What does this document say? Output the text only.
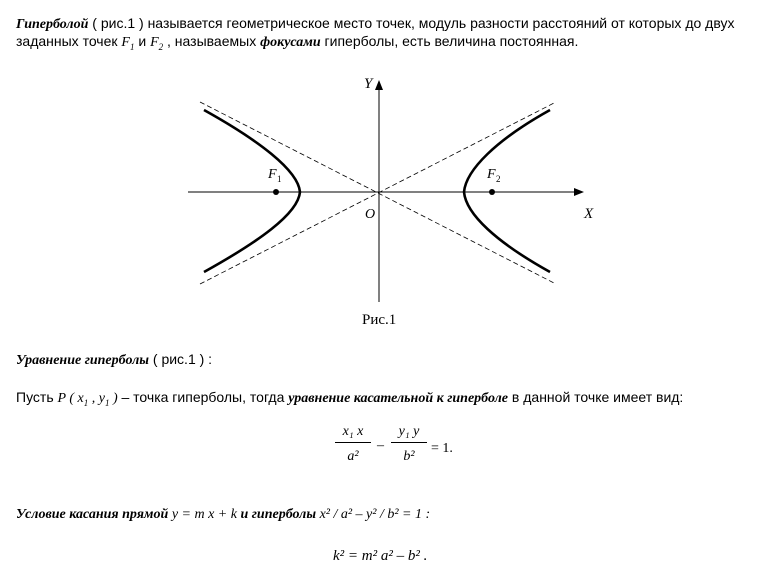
Гиперболой ( рис.1 ) называется геометрическое место точек, модуль разности расстояний от которых до двух
заданных точек $F_1$ и $F_2$ , называемых фокусами гиперболы, есть величина постоянная.
Y
X
O
F 1	F 2
Рис.1
Уравнение гиперболы ( рис.1 ) :
Пусть P ( $x_1$ , $y_1$ ) – точка гиперболы, тогда уравнение касательной к гиперболе в данной точке имеет вид:
x₁ x
a²
–
y₁ y
b²
= 1.
Условие касания прямой y = m x + k и гиперболы x² / a² – y² / b² = 1 :
k² = m² a² – b² .
